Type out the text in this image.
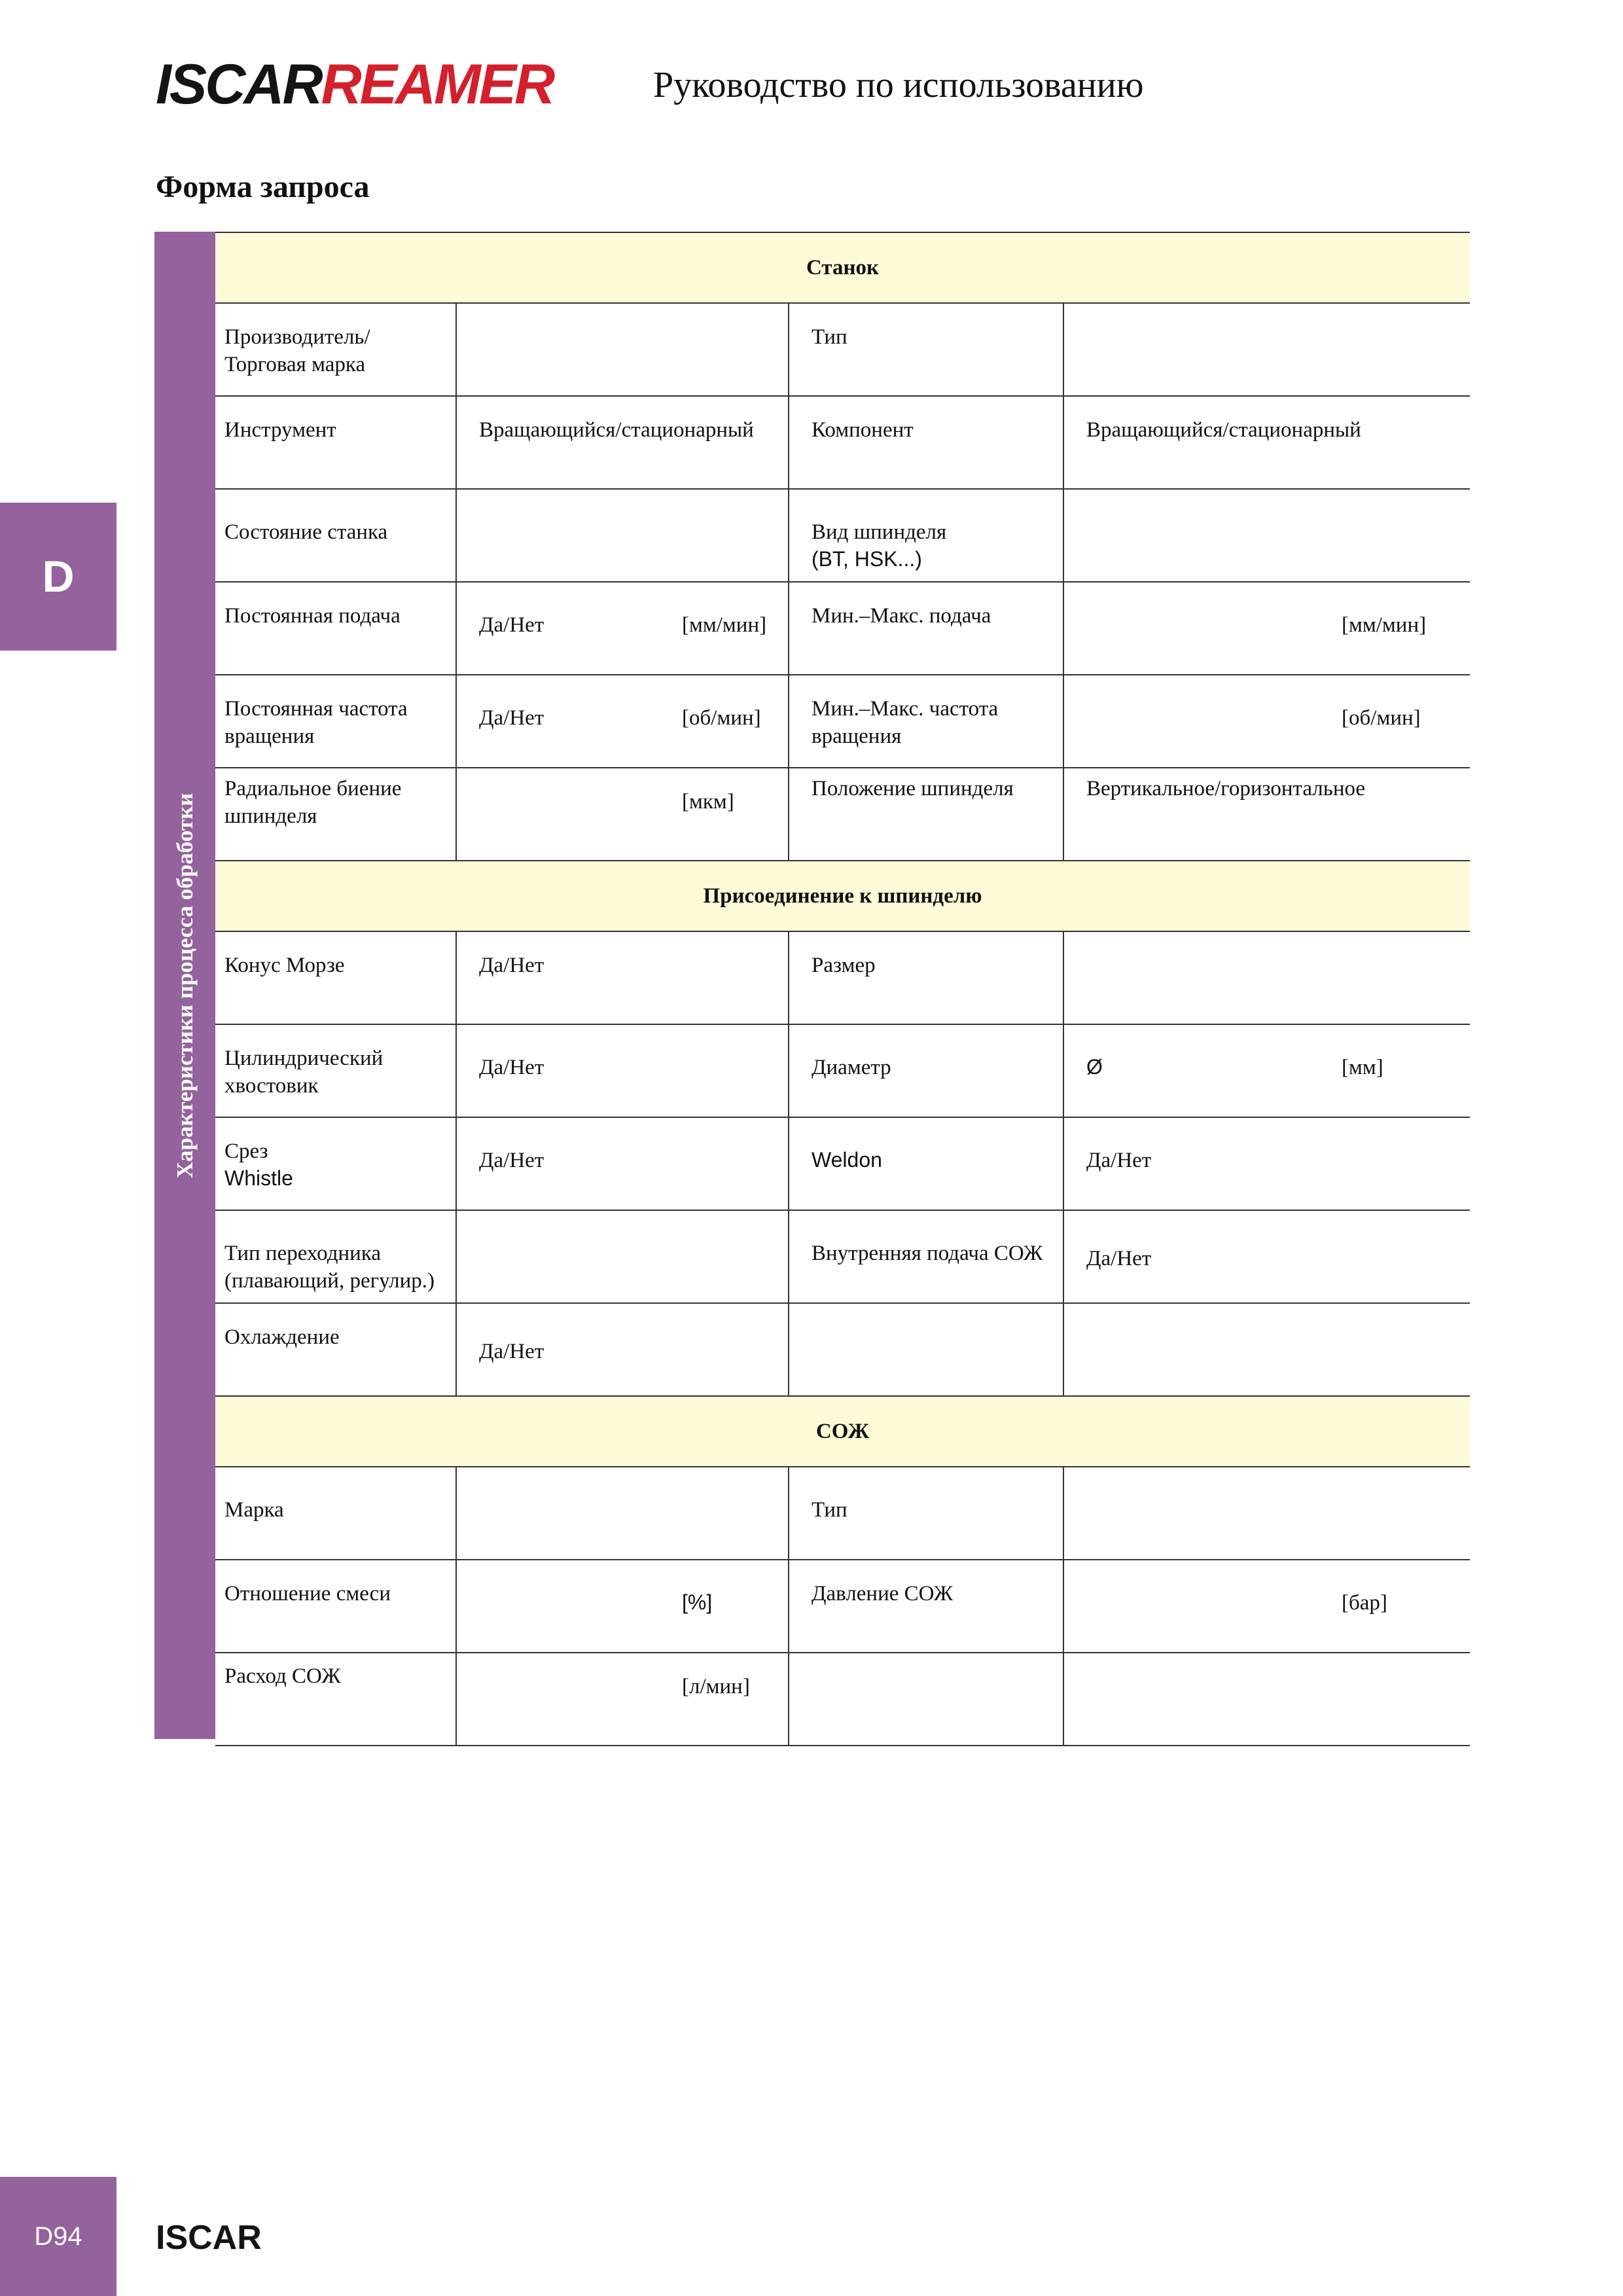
ISCARREAMER	Руководство по использованию
Форма запроса
D
Характеристики процесса обработки
Станок			
Производитель/ Торговая марка		Тип	
Инструмент	Вращающийся/стационарный	Компонент	Вращающийся/стационарный
Состояние станка		Вид шпинделя
(BT, HSK...)	
Постоянная подача	Да/Нет [мм/мин]	Мин.–Макс. подача	[мм/мин]

Постоянная частота вращения	Да/Нет [об/мин]	Мин.–Макс. частота вращения	[об/мин]

Радиальное биение шпинделя	[мкм]	Положение шпинделя	Вертикальное/горизонтальное
Присоединение к шпинделю			
Конус Морзе	Да/Нет	Размер	
Цилиндрический хвостовик	Да/Нет	Диаметр	Ø [мм]

Срез
Whistle	Да/Нет	Weldon	Да/Нет
Тип переходника (плавающий, регулир.)		Внутренняя подача СОЖ	Да/Нет
Охлаждение	Да/Нет		
СОЖ			
Марка		Тип	
Отношение смеси	[%]	Давление СОЖ	[бар]

Расход СОЖ	[л/мин]		

D94	ISCAR
